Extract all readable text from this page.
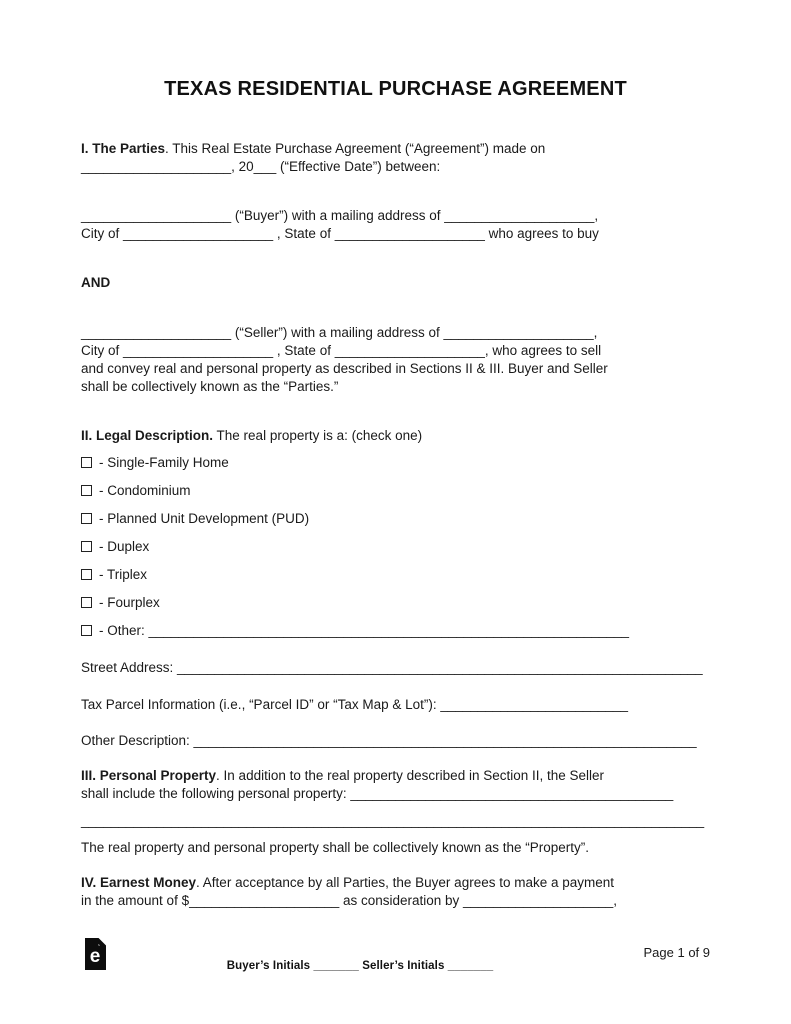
TEXAS RESIDENTIAL PURCHASE AGREEMENT
I. The Parties. This Real Estate Purchase Agreement (“Agreement”) made on
____________________, 20___ (“Effective Date”) between:
____________________ (“Buyer”) with a mailing address of ____________________,
City of ____________________ , State of ____________________ who agrees to buy
AND
____________________ (“Seller”) with a mailing address of ____________________,
City of ____________________ , State of ____________________, who agrees to sell
and convey real and personal property as described in Sections II & III. Buyer and Seller
shall be collectively known as the “Parties.”
II. Legal Description. The real property is a: (check one)
- Single-Family Home
- Condominium
- Planned Unit Development (PUD)
- Duplex
- Triplex
- Fourplex
- Other: ________________________________________________________________
Street Address: ______________________________________________________________________
Tax Parcel Information (i.e., “Parcel ID” or “Tax Map & Lot”): _________________________
Other Description: ___________________________________________________________________
III. Personal Property. In addition to the real property described in Section II, the Seller
shall include the following personal property: ___________________________________________
___________________________________________________________________________________
The real property and personal property shall be collectively known as the “Property”.
IV. Earnest Money. After acceptance by all Parties, the Buyer agrees to make a payment
in the amount of $____________________ as consideration by ____________________,
e	Page 1 of 9
Buyer’s Initials _______ Seller’s Initials _______
